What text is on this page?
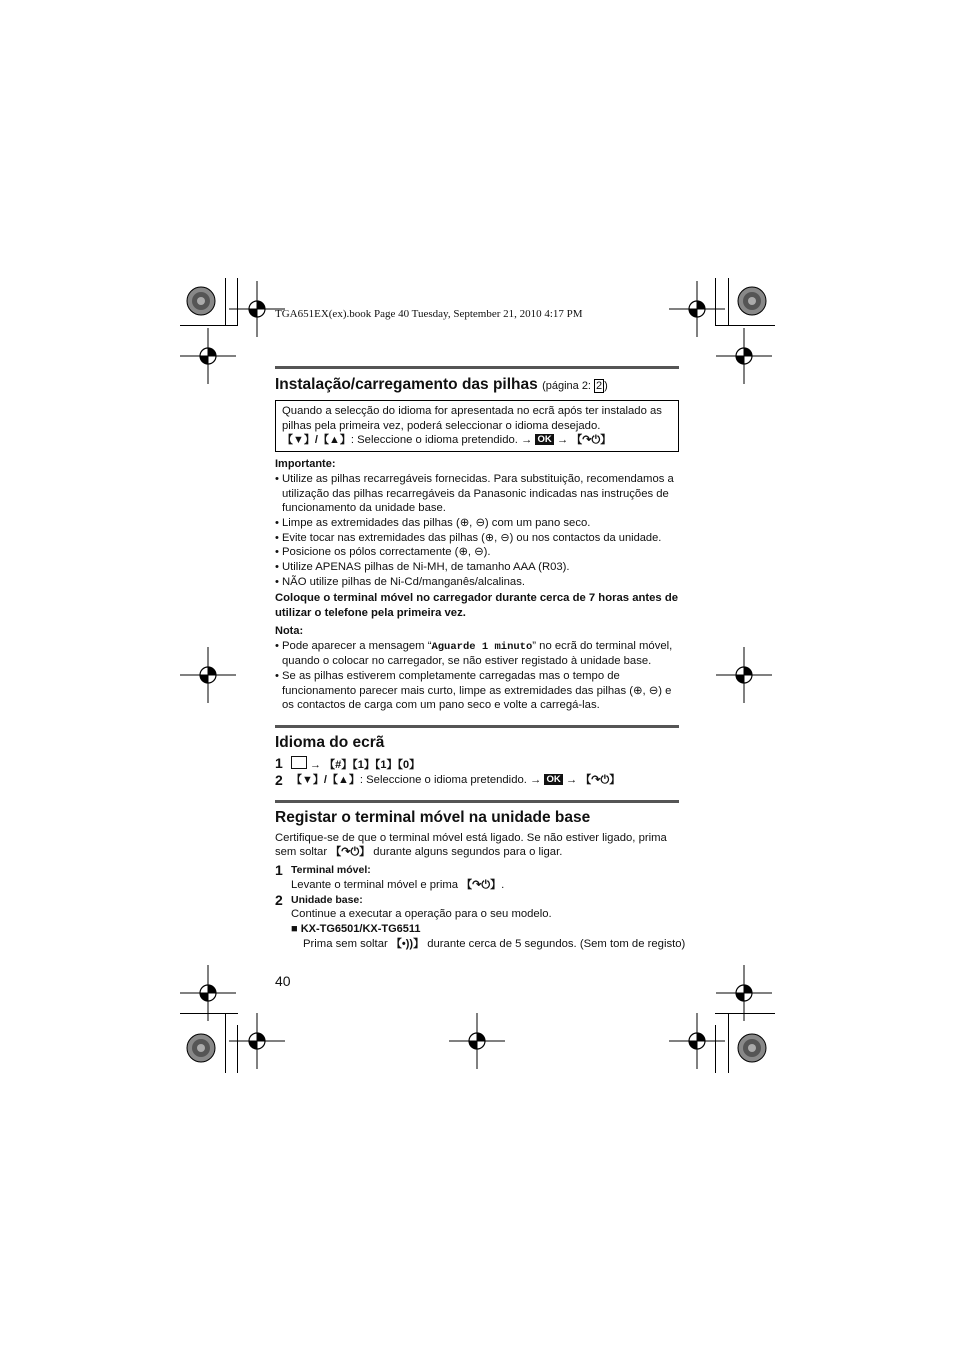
TGA651EX(ex).book Page 40 Tuesday, September 21, 2010 4:17 PM
Instalação/carregamento das pilhas (página 2: 2 )
Quando a selecção do idioma for apresentada no ecrã após ter instalado as
pilhas pela primeira vez, poderá seleccionar o idioma desejado.
【▼】/【▲】: Seleccione o idioma pretendido. → OK → 【↷⏻】
Importante:
• Utilize as pilhas recarregáveis fornecidas. Para substituição, recomendamos a utilização das pilhas recarregáveis da Panasonic indicadas nas instruções de funcionamento da unidade base.
• Limpe as extremidades das pilhas (⊕, ⊖) com um pano seco.
• Evite tocar nas extremidades das pilhas (⊕, ⊖) ou nos contactos da unidade.
• Posicione os pólos correctamente (⊕, ⊖).
• Utilize APENAS pilhas de Ni-MH, de tamanho AAA (R03).
• NÃO utilize pilhas de Ni-Cd/manganês/alcalinas.
Coloque o terminal móvel no carregador durante cerca de 7 horas antes de utilizar o telefone pela primeira vez.
Nota:
• Pode aparecer a mensagem “Aguarde 1 minuto” no ecrã do terminal móvel, quando o colocar no carregador, se não estiver registado à unidade base.
• Se as pilhas estiverem completamente carregadas mas o tempo de funcionamento parecer mais curto, limpe as extremidades das pilhas (⊕, ⊖) e os contactos de carga com um pano seco e volte a carregá-las.
Idioma do ecrã
1	→ 【#】【1】【1】【0】
2 【▼】/【▲】: Seleccione o idioma pretendido. → OK → 【↷⏻】
Registar o terminal móvel na unidade base
Certifique-se de que o terminal móvel está ligado. Se não estiver ligado, prima sem soltar 【↷⏻】 durante alguns segundos para o ligar.
1 Terminal móvel:
Levante o terminal móvel e prima 【↷⏻】.
2 Unidade base:
Continue a executar a operação para o seu modelo.
■ KX-TG6501/KX-TG6511
Prima sem soltar 【•))】 durante cerca de 5 segundos. (Sem tom de registo)
40
